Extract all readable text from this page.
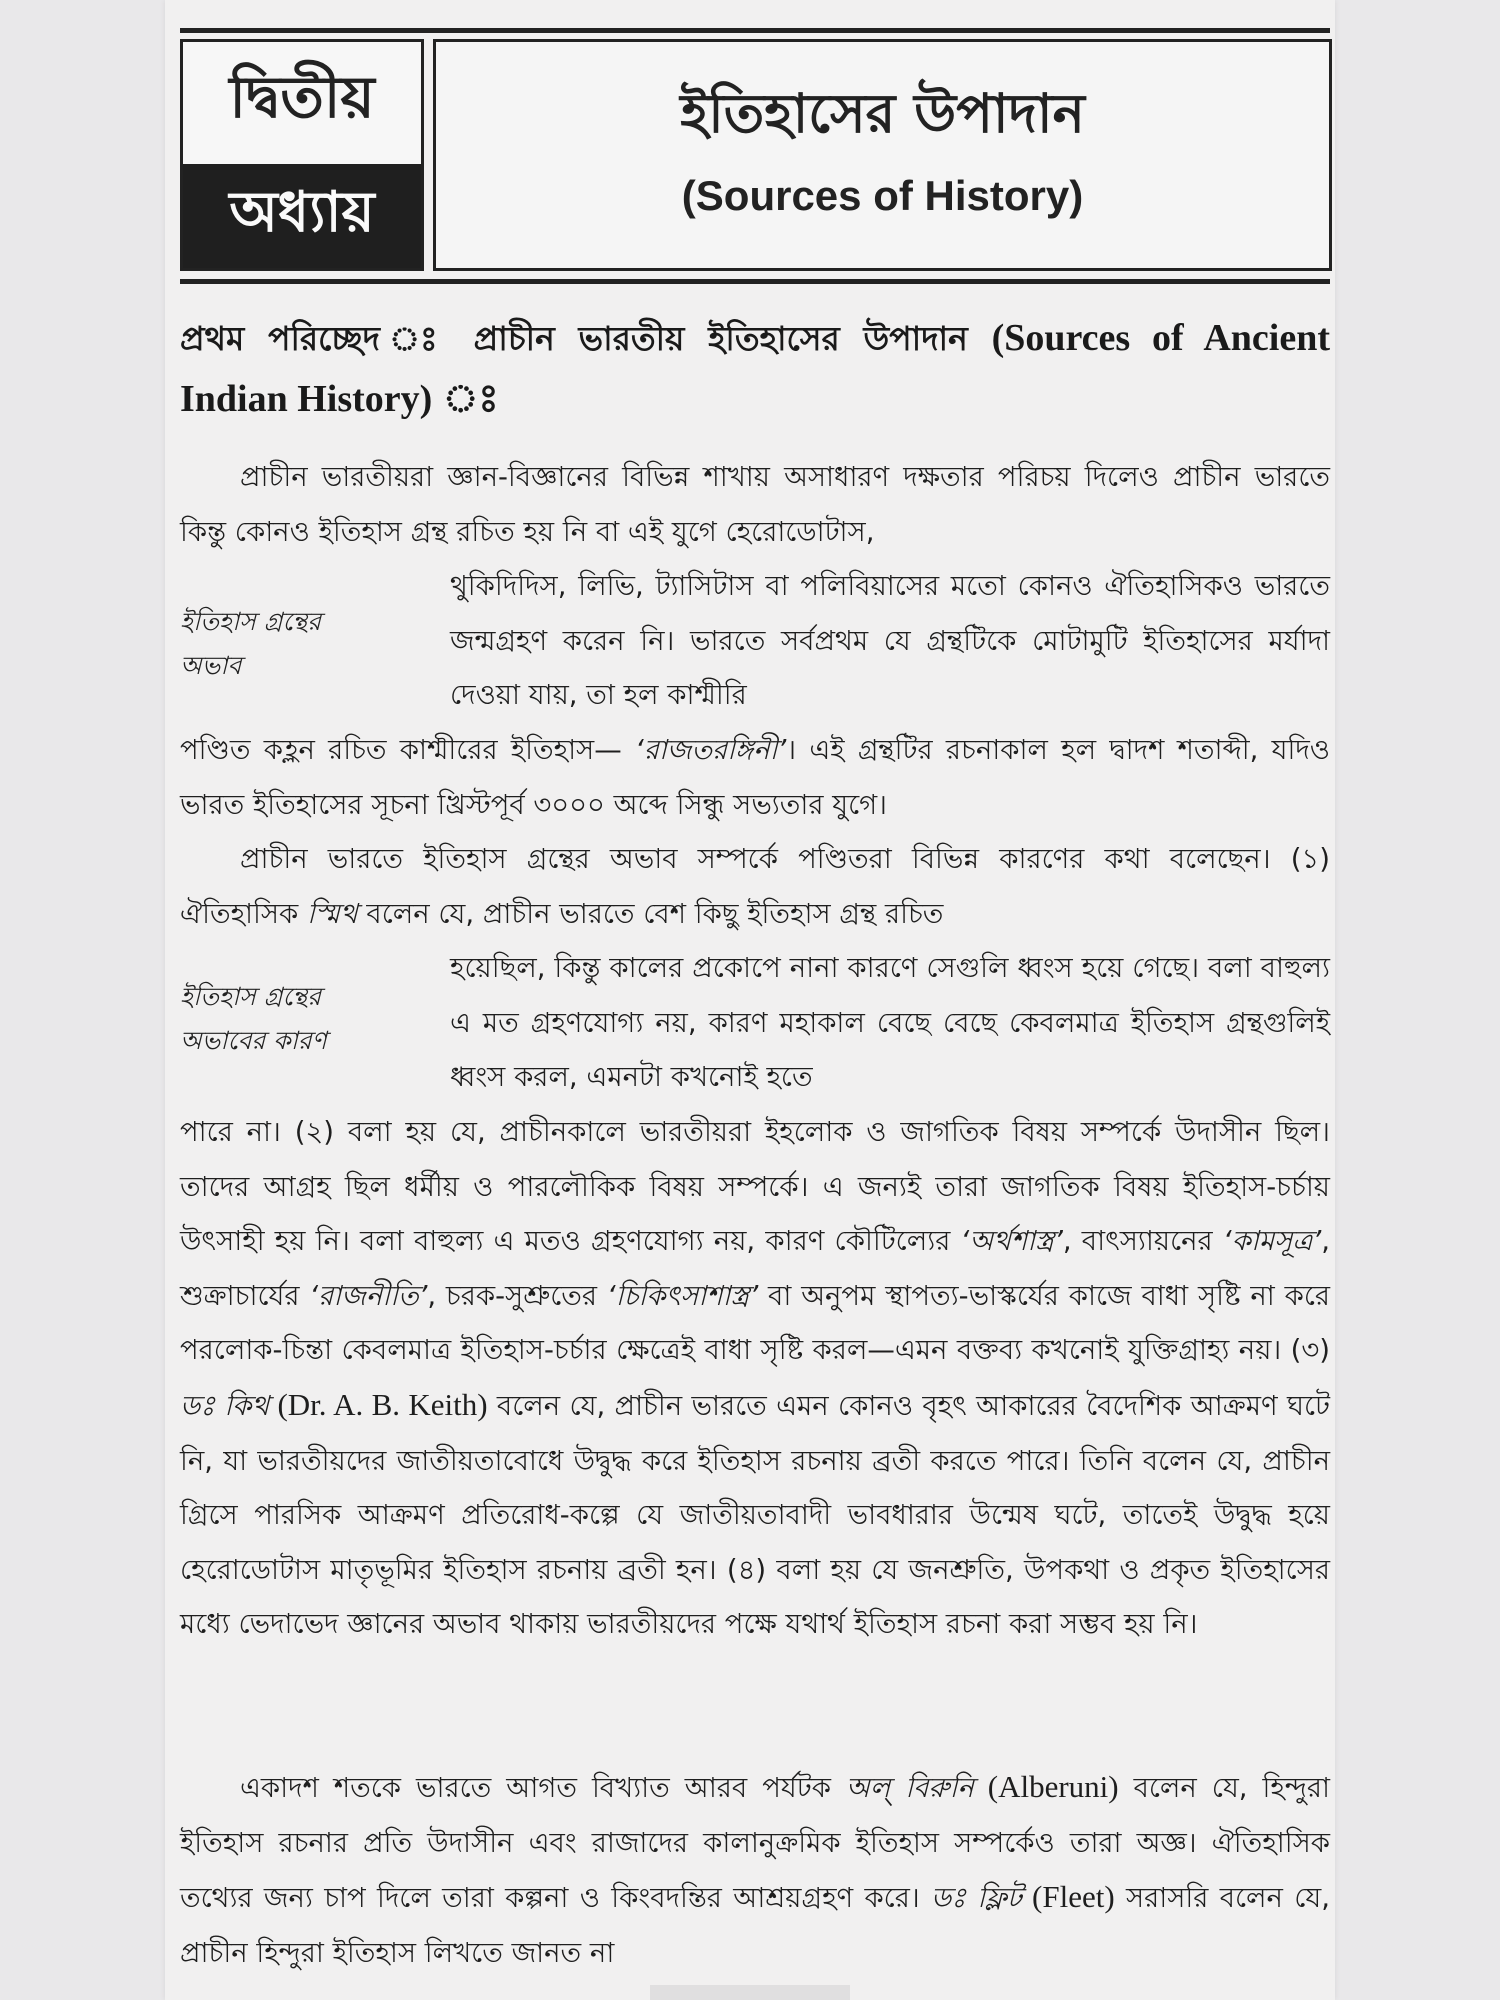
দ্বিতীয়
অধ্যায়
ইতিহাসের উপাদান
(Sources of History)
প্রথম পরিচ্ছেদ ঃ প্রাচীন ভারতীয় ইতিহাসের উপাদান (Sources of Ancient Indian History) ঃ

প্রাচীন ভারতীয়রা জ্ঞান-বিজ্ঞানের বিভিন্ন শাখায় অসাধারণ দক্ষতার পরিচয় দিলেও প্রাচীন ভারতে কিন্তু কোনও ইতিহাস গ্রন্থ রচিত হয় নি বা এই যুগে হেরোডোটাস,

ইতিহাস গ্রন্থের অভাব

থুকিদিদিস, লিভি, ট্যাসিটাস বা পলিবিয়াসের মতো কোনও ঐতিহাসিকও ভারতে জন্মগ্রহণ করেন নি। ভারতে সর্বপ্রথম যে গ্রন্থটিকে মোটামুটি ইতিহাসের মর্যাদা দেওয়া যায়, তা হল কাশ্মীরি

পণ্ডিত কহ্লন রচিত কাশ্মীরের ইতিহাস— ‘রাজতরঙ্গিনী’। এই গ্রন্থটির রচনাকাল হল দ্বাদশ শতাব্দী, যদিও ভারত ইতিহাসের সূচনা খ্রিস্টপূর্ব ৩০০০ অব্দে সিন্ধু সভ্যতার যুগে।

প্রাচীন ভারতে ইতিহাস গ্রন্থের অভাব সম্পর্কে পণ্ডিতরা বিভিন্ন কারণের কথা বলেছেন। (১) ঐতিহাসিক স্মিথ বলেন যে, প্রাচীন ভারতে বেশ কিছু ইতিহাস গ্রন্থ রচিত

ইতিহাস গ্রন্থের অভাবের কারণ

হয়েছিল, কিন্তু কালের প্রকোপে নানা কারণে সেগুলি ধ্বংস হয়ে গেছে। বলা বাহুল্য এ মত গ্রহণযোগ্য নয়, কারণ মহাকাল বেছে বেছে কেবলমাত্র ইতিহাস গ্রন্থগুলিই ধ্বংস করল, এমনটা কখনোই হতে

পারে না। (২) বলা হয় যে, প্রাচীনকালে ভারতীয়রা ইহলোক ও জাগতিক বিষয় সম্পর্কে উদাসীন ছিল। তাদের আগ্রহ ছিল ধর্মীয় ও পারলৌকিক বিষয় সম্পর্কে। এ জন্যই তারা জাগতিক বিষয় ইতিহাস-চর্চায় উৎসাহী হয় নি। বলা বাহুল্য এ মতও গ্রহণযোগ্য নয়, কারণ কৌটিল্যের ‘অর্থশাস্ত্র’, বাৎস্যায়নের ‘কামসূত্র’, শুক্রাচার্যের ‘রাজনীতি’, চরক-সুশ্রুতের ‘চিকিৎসাশাস্ত্র’ বা অনুপম স্থাপত্য-ভাস্কর্যের কাজে বাধা সৃষ্টি না করে পরলোক-চিন্তা কেবলমাত্র ইতিহাস-চর্চার ক্ষেত্রেই বাধা সৃষ্টি করল—এমন বক্তব্য কখনোই যুক্তিগ্রাহ্য নয়। (৩) ডঃ কিথ (Dr. A. B. Keith) বলেন যে, প্রাচীন ভারতে এমন কোনও বৃহৎ আকারের বৈদেশিক আক্রমণ ঘটে নি, যা ভারতীয়দের জাতীয়তাবোধে উদ্বুদ্ধ করে ইতিহাস রচনায় ব্রতী করতে পারে। তিনি বলেন যে, প্রাচীন গ্রিসে পারসিক আক্রমণ প্রতিরোধ-কল্পে যে জাতীয়তাবাদী ভাবধারার উন্মেষ ঘটে, তাতেই উদ্বুদ্ধ হয়ে হেরোডোটাস মাতৃভূমির ইতিহাস রচনায় ব্রতী হন। (৪) বলা হয় যে জনশ্রুতি, উপকথা ও প্রকৃত ইতিহাসের মধ্যে ভেদাভেদ জ্ঞানের অভাব থাকায় ভারতীয়দের পক্ষে যথার্থ ইতিহাস রচনা করা সম্ভব হয় নি।

একাদশ শতকে ভারতে আগত বিখ্যাত আরব পর্যটক অল্ বিরুনি (Alberuni) বলেন যে, হিন্দুরা ইতিহাস রচনার প্রতি উদাসীন এবং রাজাদের কালানুক্রমিক ইতিহাস সম্পর্কেও তারা অজ্ঞ। ঐতিহাসিক তথ্যের জন্য চাপ দিলে তারা কল্পনা ও কিংবদন্তির আশ্রয়গ্রহণ করে। ডঃ ফ্লিট (Fleet) সরাসরি বলেন যে, প্রাচীন হিন্দুরা ইতিহাস লিখতে জানত না
